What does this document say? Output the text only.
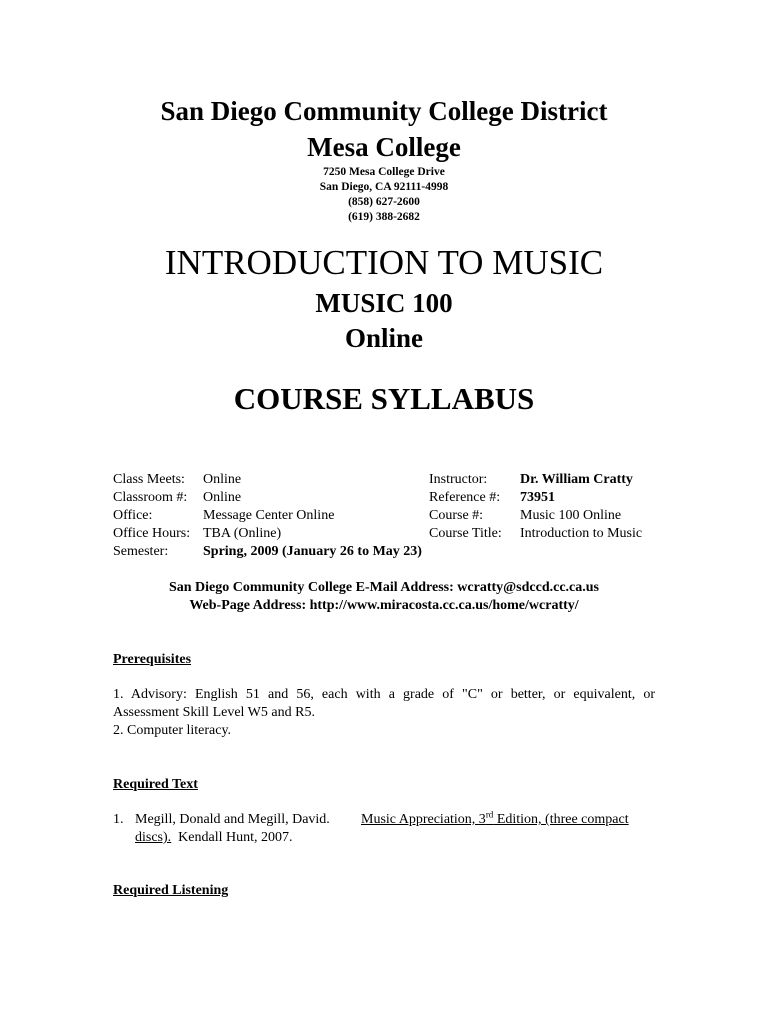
San Diego Community College District
Mesa College
7250 Mesa College Drive
San Diego, CA 92111-4998
(858) 627-2600
(619) 388-2682
INTRODUCTION TO MUSIC
MUSIC 100
Online
COURSE SYLLABUS
Class Meets: Online
Classroom #: Online
Office:	Message Center Online
Office Hours: TBA (Online)
Semester: Spring, 2009 (January 26 to May 23)
Instructor: Dr. William Cratty
Reference #: 73951
Course #:	Music 100 Online
Course Title: Introduction to Music
San Diego Community College E-Mail Address: wcratty@sdccd.cc.ca.us
Web-Page Address: http://www.miracosta.cc.ca.us/home/wcratty/
Prerequisites
1. Advisory: English 51 and 56, each with a grade of "C" or better, or equivalent, or
Assessment Skill Level W5 and R5.
2. Computer literacy.
Required Text
1. Megill, Donald and Megill, David. Music Appreciation, 3rd Edition, (three compact
discs). Kendall Hunt, 2007.
Required Listening
